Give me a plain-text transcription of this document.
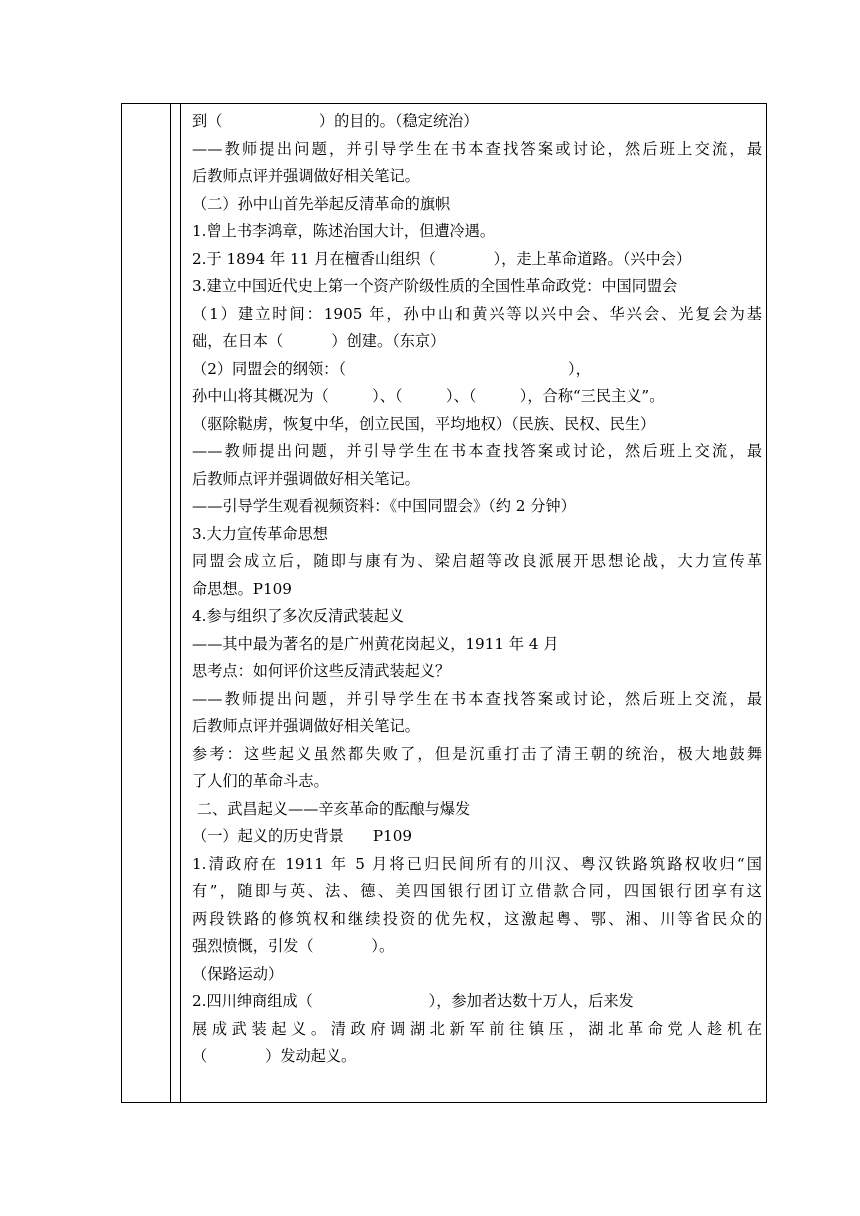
到（                    ）的目的。（稳定统治）
——教师提出问题，并引导学生在书本查找答案或讨论，然后班上交流，最
后教师点评并强调做好相关笔记。
（二）孙中山首先举起反清革命的旗帜
1.曾上书李鸿章，陈述治国大计，但遭冷遇。
2.于 1894 年 11 月在檀香山组织（            ），走上革命道路。（兴中会）
3.建立中国近代史上第一个资产阶级性质的全国性革命政党：中国同盟会
（1）建立时间：1905 年，孙中山和黄兴等以兴中会、华兴会、光复会为基
础，在日本（          ）创建。（东京）
（2）同盟会的纲领：（                                              ），
孙中山将其概况为（         ）、（         ）、（         ），合称“三民主义”。
（驱除鞑虏，恢复中华，创立民国，平均地权）（民族、民权、民生）
——教师提出问题，并引导学生在书本查找答案或讨论，然后班上交流，最
后教师点评并强调做好相关笔记。
——引导学生观看视频资料：《中国同盟会》（约 2 分钟）
3.大力宣传革命思想
同盟会成立后，随即与康有为、梁启超等改良派展开思想论战，大力宣传革
命思想。P109
4.参与组织了多次反清武装起义
——其中最为著名的是广州黄花岗起义，1911 年 4 月
思考点：如何评价这些反清武装起义？
——教师提出问题，并引导学生在书本查找答案或讨论，然后班上交流，最
后教师点评并强调做好相关笔记。
参考：这些起义虽然都失败了，但是沉重打击了清王朝的统治，极大地鼓舞
了人们的革命斗志。
二、武昌起义——辛亥革命的酝酿与爆发
（一）起义的历史背景      P109
1.清政府在 1911 年 5 月将已归民间所有的川汉、粤汉铁路筑路权收归“国
有”，随即与英、法、德、美四国银行团订立借款合同，四国银行团享有这
两段铁路的修筑权和继续投资的优先权，这激起粤、鄂、湘、川等省民众的
强烈愤慨，引发（            ）。
（保路运动）
2.四川绅商组成（                        ），参加者达数十万人，后来发
展成武装起义。清政府调湖北新军前往镇压，湖北革命党人趁机在
（            ）发动起义。
